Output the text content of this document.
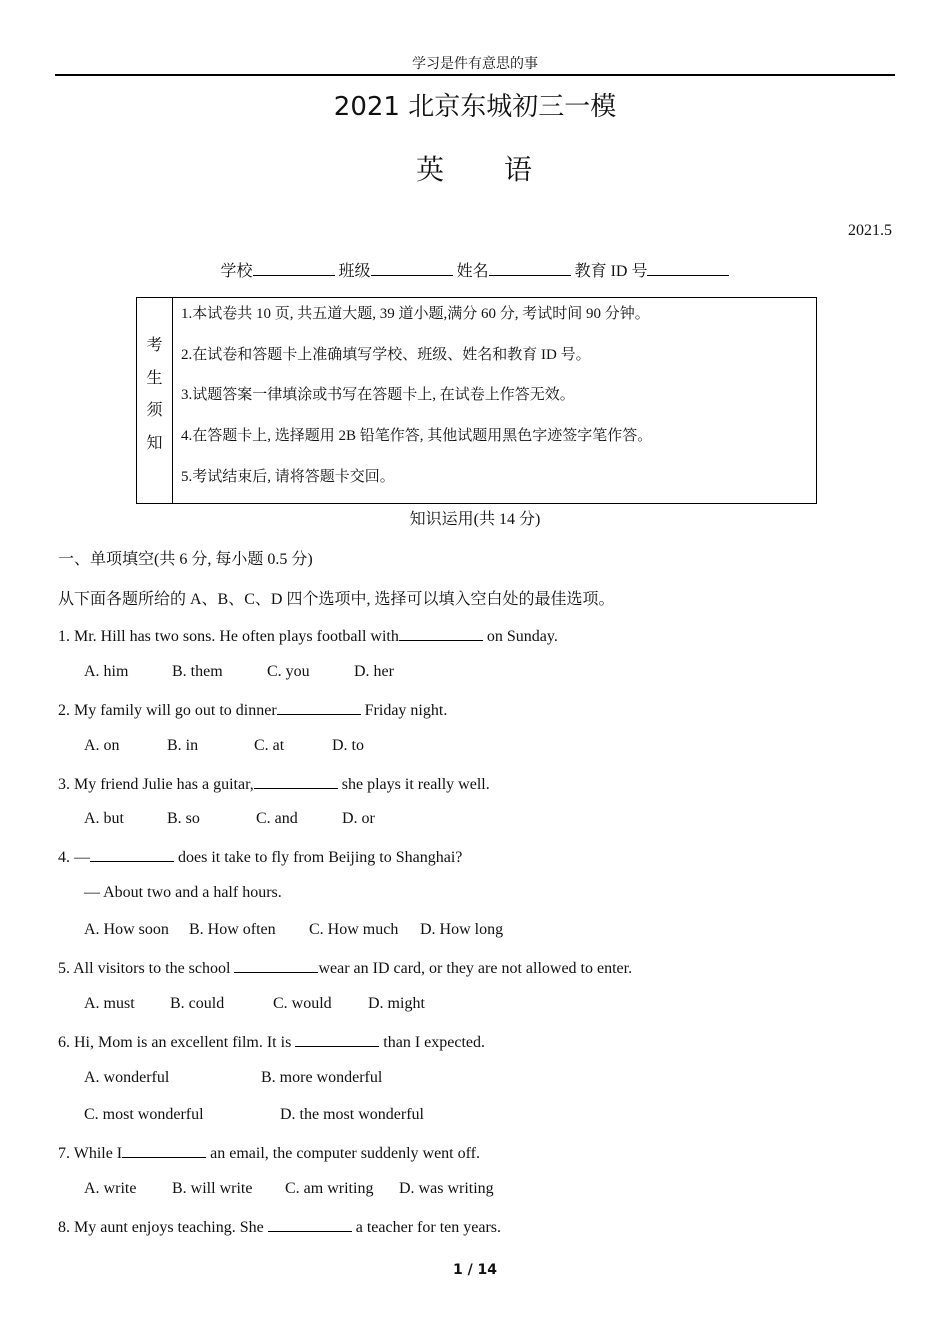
学习是件有意思的事
2021 北京东城初三一模
英 语
2021.5
学校	班级	姓名	教育 ID 号
考
生
须
知
1.本试卷共 10 页, 共五道大题, 39 道小题,满分 60 分, 考试时间 90 分钟。
2.在试卷和答题卡上准确填写学校、班级、姓名和教育 ID 号。
3.试题答案一律填涂或书写在答题卡上, 在试卷上作答无效。
4.在答题卡上, 选择题用 2B 铅笔作答, 其他试题用黑色字迹签字笔作答。
5.考试结束后, 请将答题卡交回。
知识运用(共 14 分)
一、单项填空(共 6 分, 每小题 0.5 分)
从下面各题所给的 A、B、C、D 四个选项中, 选择可以填入空白处的最佳选项。
1. Mr. Hill has two sons. He often plays football with	on Sunday.
A. him	B. them	C. you	D. her
2. My family will go out to dinner	Friday night.
A. on	B. in	C. at	D. to
3. My friend Julie has a guitar,	she plays it really well.
A. but	B. so	C. and	D. or
4. —	does it take to fly from Beijing to Shanghai?
— About two and a half hours.
A. How soon B. How often C. How much D. How long
5. All visitors to the school	wear an ID card, or they are not allowed to enter.
A. must B. could	C. would D. might
6. Hi, Mom is an excellent film. It is	than I expected.
A. wonderful	B. more wonderful
C. most wonderful	D. the most wonderful
7. While I	an email, the computer suddenly went off.
A. write B. will write C. am writing D. was writing
8. My aunt enjoys teaching. She	a teacher for ten years.
1 / 14
